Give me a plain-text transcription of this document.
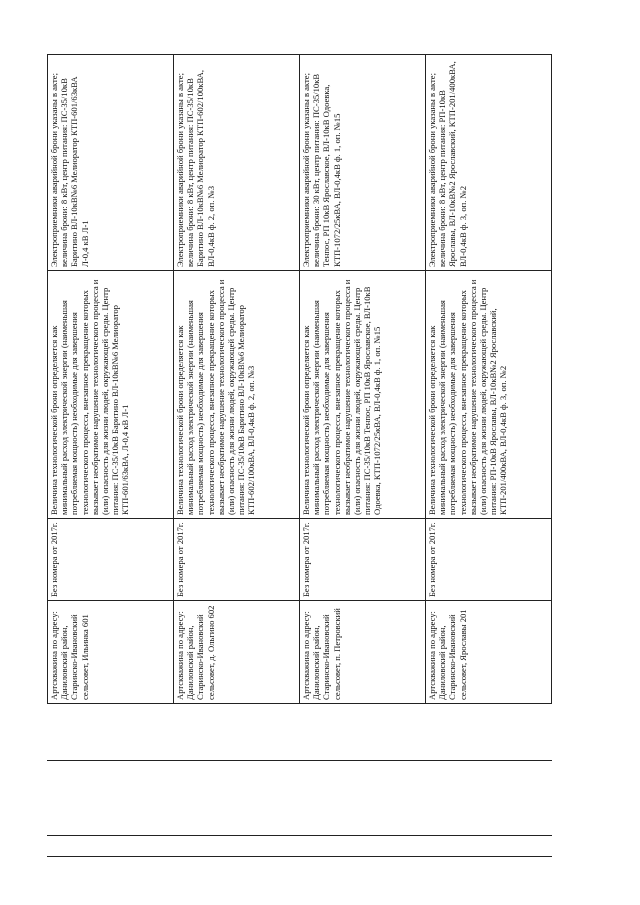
Артскважина по адресу: Даниловский район, Старинско-Ивановский сельсовет, Ильинка 601	Без номера от 2017г.	Величина технологической брони определяется как минимальный расход электрической энергии (наименьшая потребляемая мощность) необходимые для завершения технологического процесса, внезапное прекращение которых вызывает необратимое нарушение технологического процесса и (или) опасность для жизни людей, окружающей среды. Центр питания: ПС-35/10кВ Баритино ВЛ-10кВ№6 Мелиоратор КТП-601/63кВА, Л-0,4 кВ Л-1	Электроприемники аварийной брони указаны в акте; величина брони: 8 кВт, центр питания: ПС-35/10кВ Баритино ВЛ-10кВ№6 Мелиоратор КТП-601/63кВА Л-0,4 кВ Л-1
Артскважина по адресу: Даниловский район, Старинско-Ивановский сельсовет, д. Ольгино 602	Без номера от 2017г.	Величина технологической брони определяется как минимальный расход электрической энергии (наименьшая потребляемая мощность) необходимые для завершения технологического процесса, внезапное прекращение которых вызывает необратимое нарушение технологического процесса и (или) опасность для жизни людей, окружающей среды. Центр питания: ПС-35/10кВ Баритино ВЛ-10кВ№6 Мелиоратор КТП-602/100кВА, ВЛ-0,4кВ ф. 2, оп. №3	Электроприемники аварийной брони указаны в акте; величина брони: 8 кВт, центр питания: ПС-35/10кВ Баритино ВЛ-10кВ№6 Мелиоратор КТП-602/100кВА, ВЛ-0,4кВ ф. 2, оп. №3
Артскважина по адресу: Даниловский район, Старинско-Ивановский сельсовет, п. Петровский	Без номера от 2017г.	Величина технологической брони определяется как минимальный расход электрической энергии (наименьшая потребляемая мощность) необходимые для завершения технологического процесса, внезапное прекращение которых вызывает необратимое нарушение технологического процесса и (или) опасность для жизни людей, окружающей среды. Центр питания: ПС-35/10кВ Тенпос, РП 10кВ Ярославское, ВЛ-10кВ Одоевка, КТП-1072/25кВА, ВЛ-0,4кВ ф. 1, оп. №15	Электроприемники аварийной брони указаны в акте; величина брони: 30 кВт, центр питания: ПС-35/10кВ Тенпос, РП 10кВ Ярославское, ВЛ-10кВ Одоевка, КТП-1072/25кВА, ВЛ-0,4кВ ф. 1, оп. №15
Артскважина по адресу: Даниловский район, Старинско-Ивановский сельсовет, Ярославы 201	Без номера от 2017г.	Величина технологической брони определяется как минимальный расход электрической энергии (наименьшая потребляемая мощность) необходимые для завершения технологического процесса, внезапное прекращение которых вызывает необратимое нарушение технологического процесса и (или) опасность для жизни людей, окружающей среды. Центр питания: РП-10кВ Ярославы, ВЛ-10кВ№2 Ярославский, КТП-201/400кВА, ВЛ-0,4кВ ф. 3, оп. №2	Электроприемники аварийной брони указаны в акте; величина брони: 8 кВт, центр питания: РП-10кВ Ярославы, ВЛ-10кВ№2 Ярославский, КТП-201/400кВА, ВЛ-0,4кВ ф. 3, оп. №2
